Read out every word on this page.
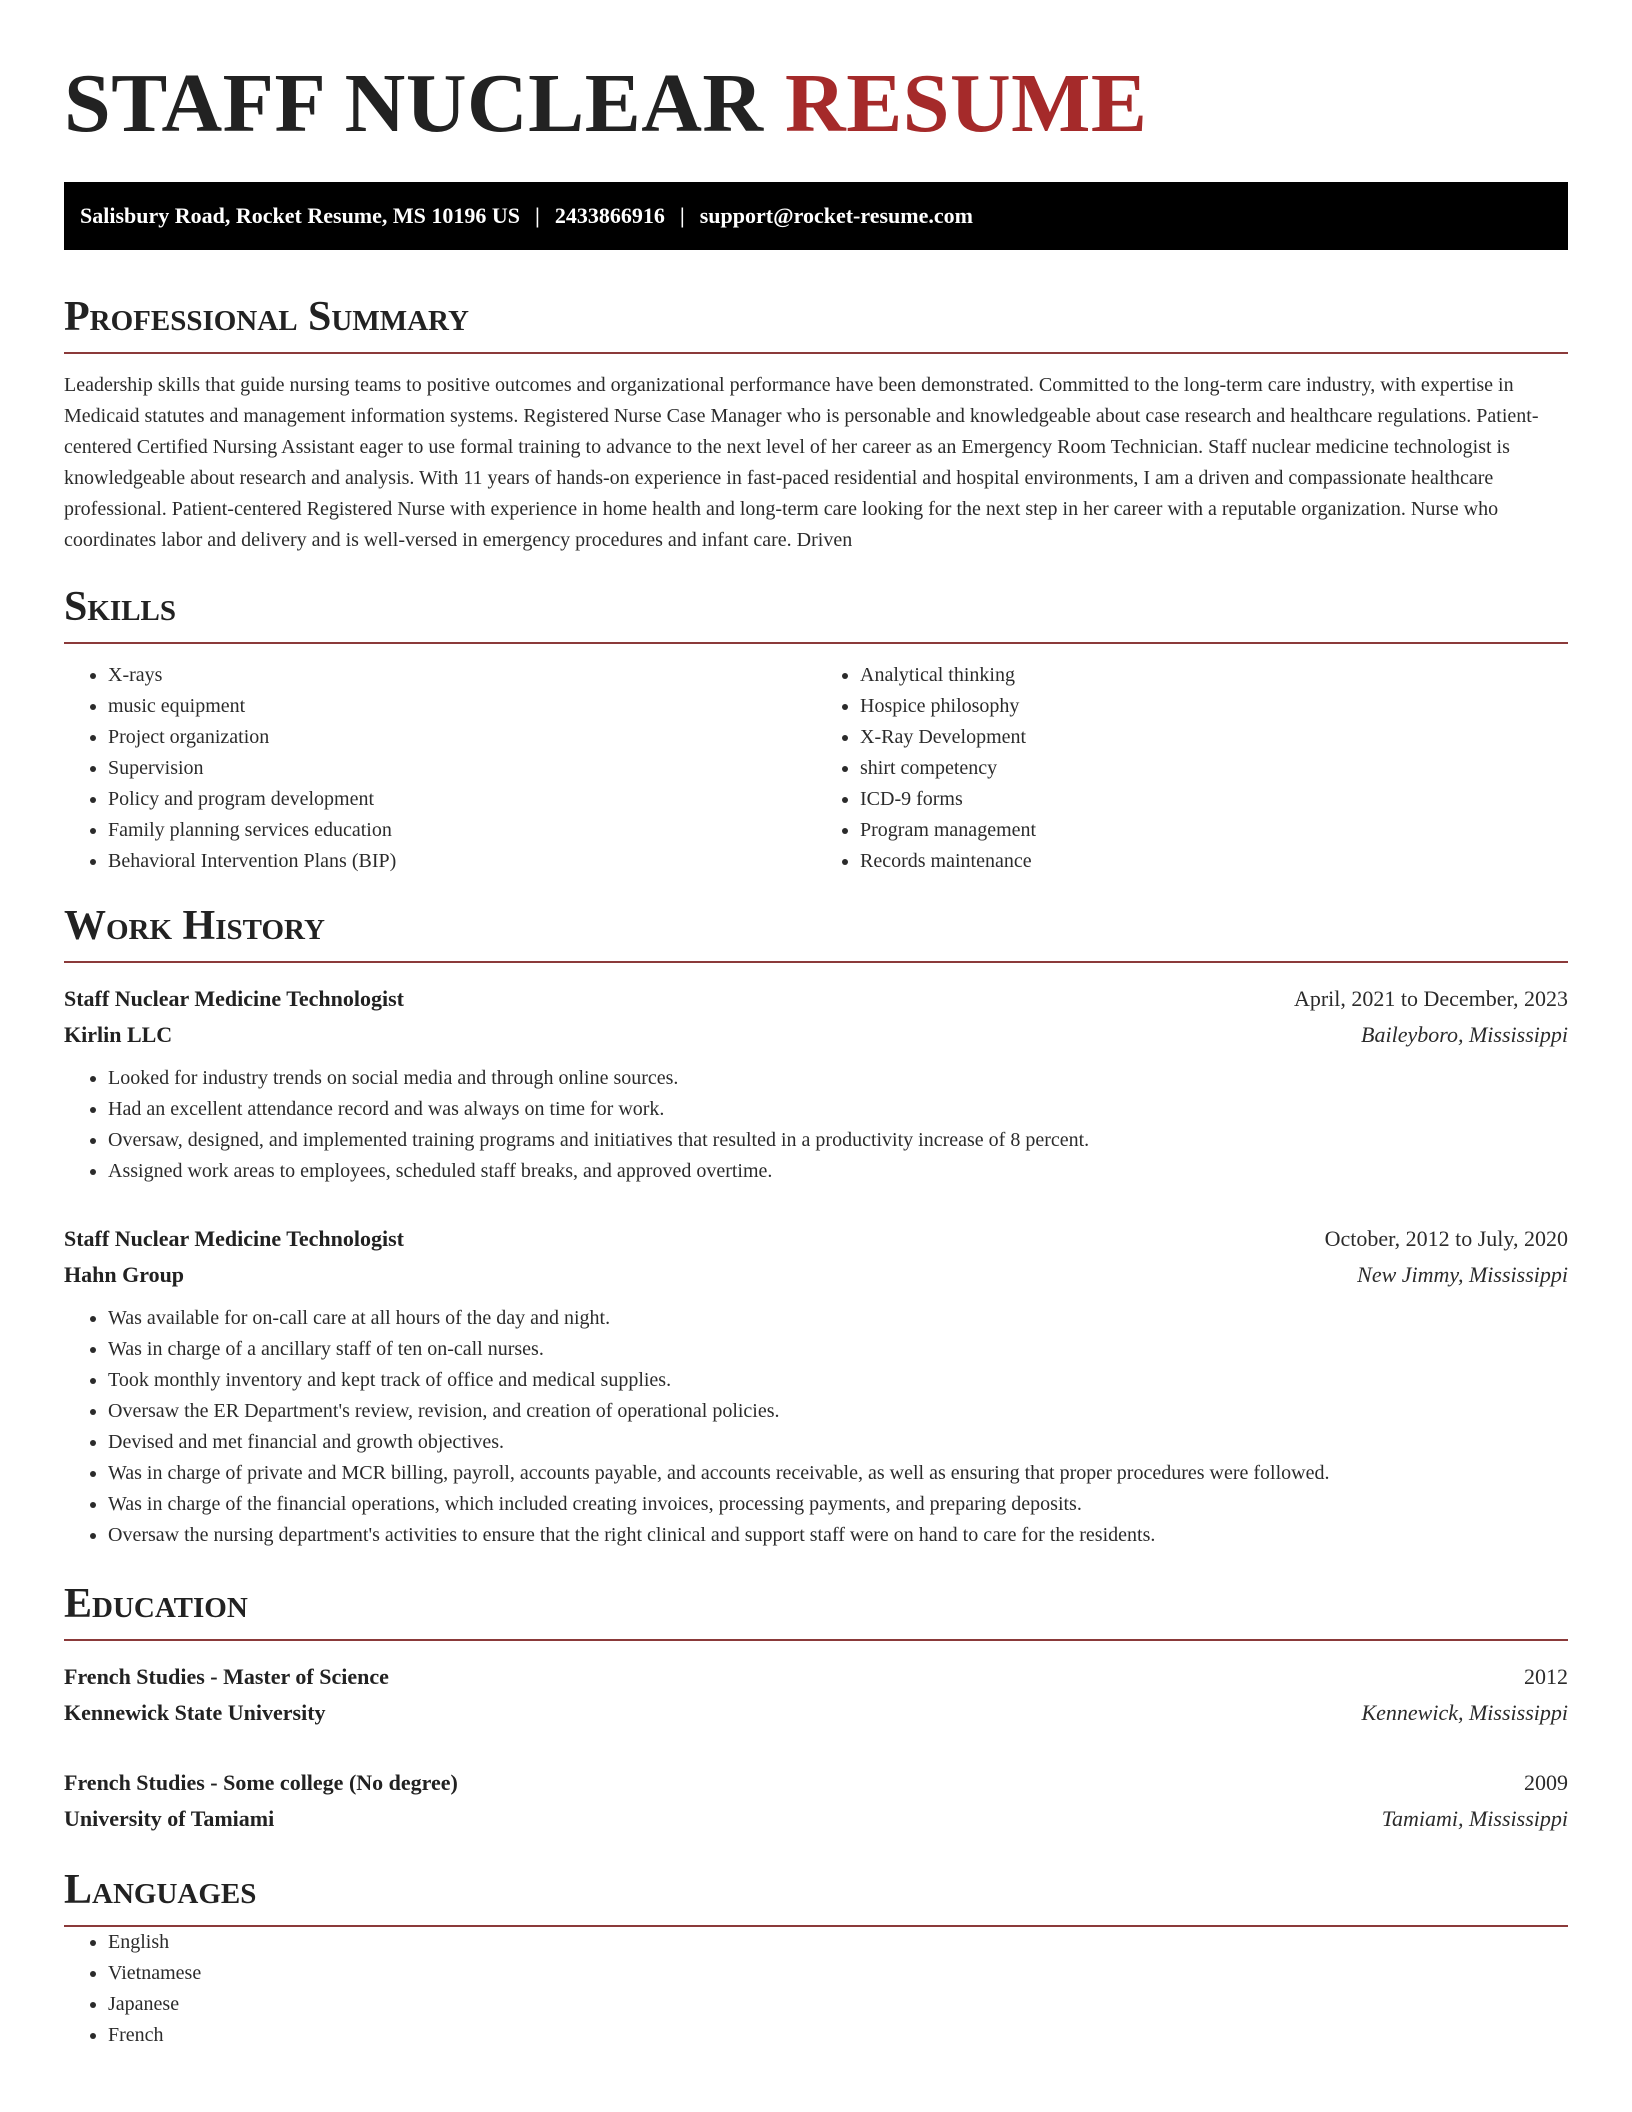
STAFF NUCLEAR RESUME
Salisbury Road, Rocket Resume, MS 10196 US | 2433866916 | support@rocket-resume.com
Professional Summary

Leadership skills that guide nursing teams to positive outcomes and organizational performance have been demonstrated. Committed to the long-term care industry, with expertise in Medicaid statutes and management information systems. Registered Nurse Case Manager who is personable and knowledgeable about case research and healthcare regulations. Patient-centered Certified Nursing Assistant eager to use formal training to advance to the next level of her career as an Emergency Room Technician. Staff nuclear medicine technologist is knowledgeable about research and analysis. With 11 years of hands-on experience in fast-paced residential and hospital environments, I am a driven and compassionate healthcare professional. Patient-centered Registered Nurse with experience in home health and long-term care looking for the next step in her career with a reputable organization. Nurse who coordinates labor and delivery and is well-versed in emergency procedures and infant care. Driven

Skills
• X-rays
• music equipment
• Project organization
• Supervision
• Policy and program development
• Family planning services education
• Behavioral Intervention Plans (BIP)
• Analytical thinking
• Hospice philosophy
• X-Ray Development
• shirt competency
• ICD-9 forms
• Program management
• Records maintenance
Work History
Staff Nuclear Medicine Technologist	April, 2021 to December, 2023
Kirlin LLC	Baileyboro, Mississippi
• Looked for industry trends on social media and through online sources.
• Had an excellent attendance record and was always on time for work.
• Oversaw, designed, and implemented training programs and initiatives that resulted in a productivity increase of 8 percent.
• Assigned work areas to employees, scheduled staff breaks, and approved overtime.
Staff Nuclear Medicine Technologist	October, 2012 to July, 2020
Hahn Group	New Jimmy, Mississippi
• Was available for on-call care at all hours of the day and night.
• Was in charge of a ancillary staff of ten on-call nurses.
• Took monthly inventory and kept track of office and medical supplies.
• Oversaw the ER Department's review, revision, and creation of operational policies.
• Devised and met financial and growth objectives.
• Was in charge of private and MCR billing, payroll, accounts payable, and accounts receivable, as well as ensuring that proper procedures were followed.
• Was in charge of the financial operations, which included creating invoices, processing payments, and preparing deposits.
• Oversaw the nursing department's activities to ensure that the right clinical and support staff were on hand to care for the residents.
Education
French Studies - Master of Science	2012
Kennewick State University	Kennewick, Mississippi
French Studies - Some college (No degree)	2009
University of Tamiami	Tamiami, Mississippi
Languages
• English
• Vietnamese
• Japanese
• French
